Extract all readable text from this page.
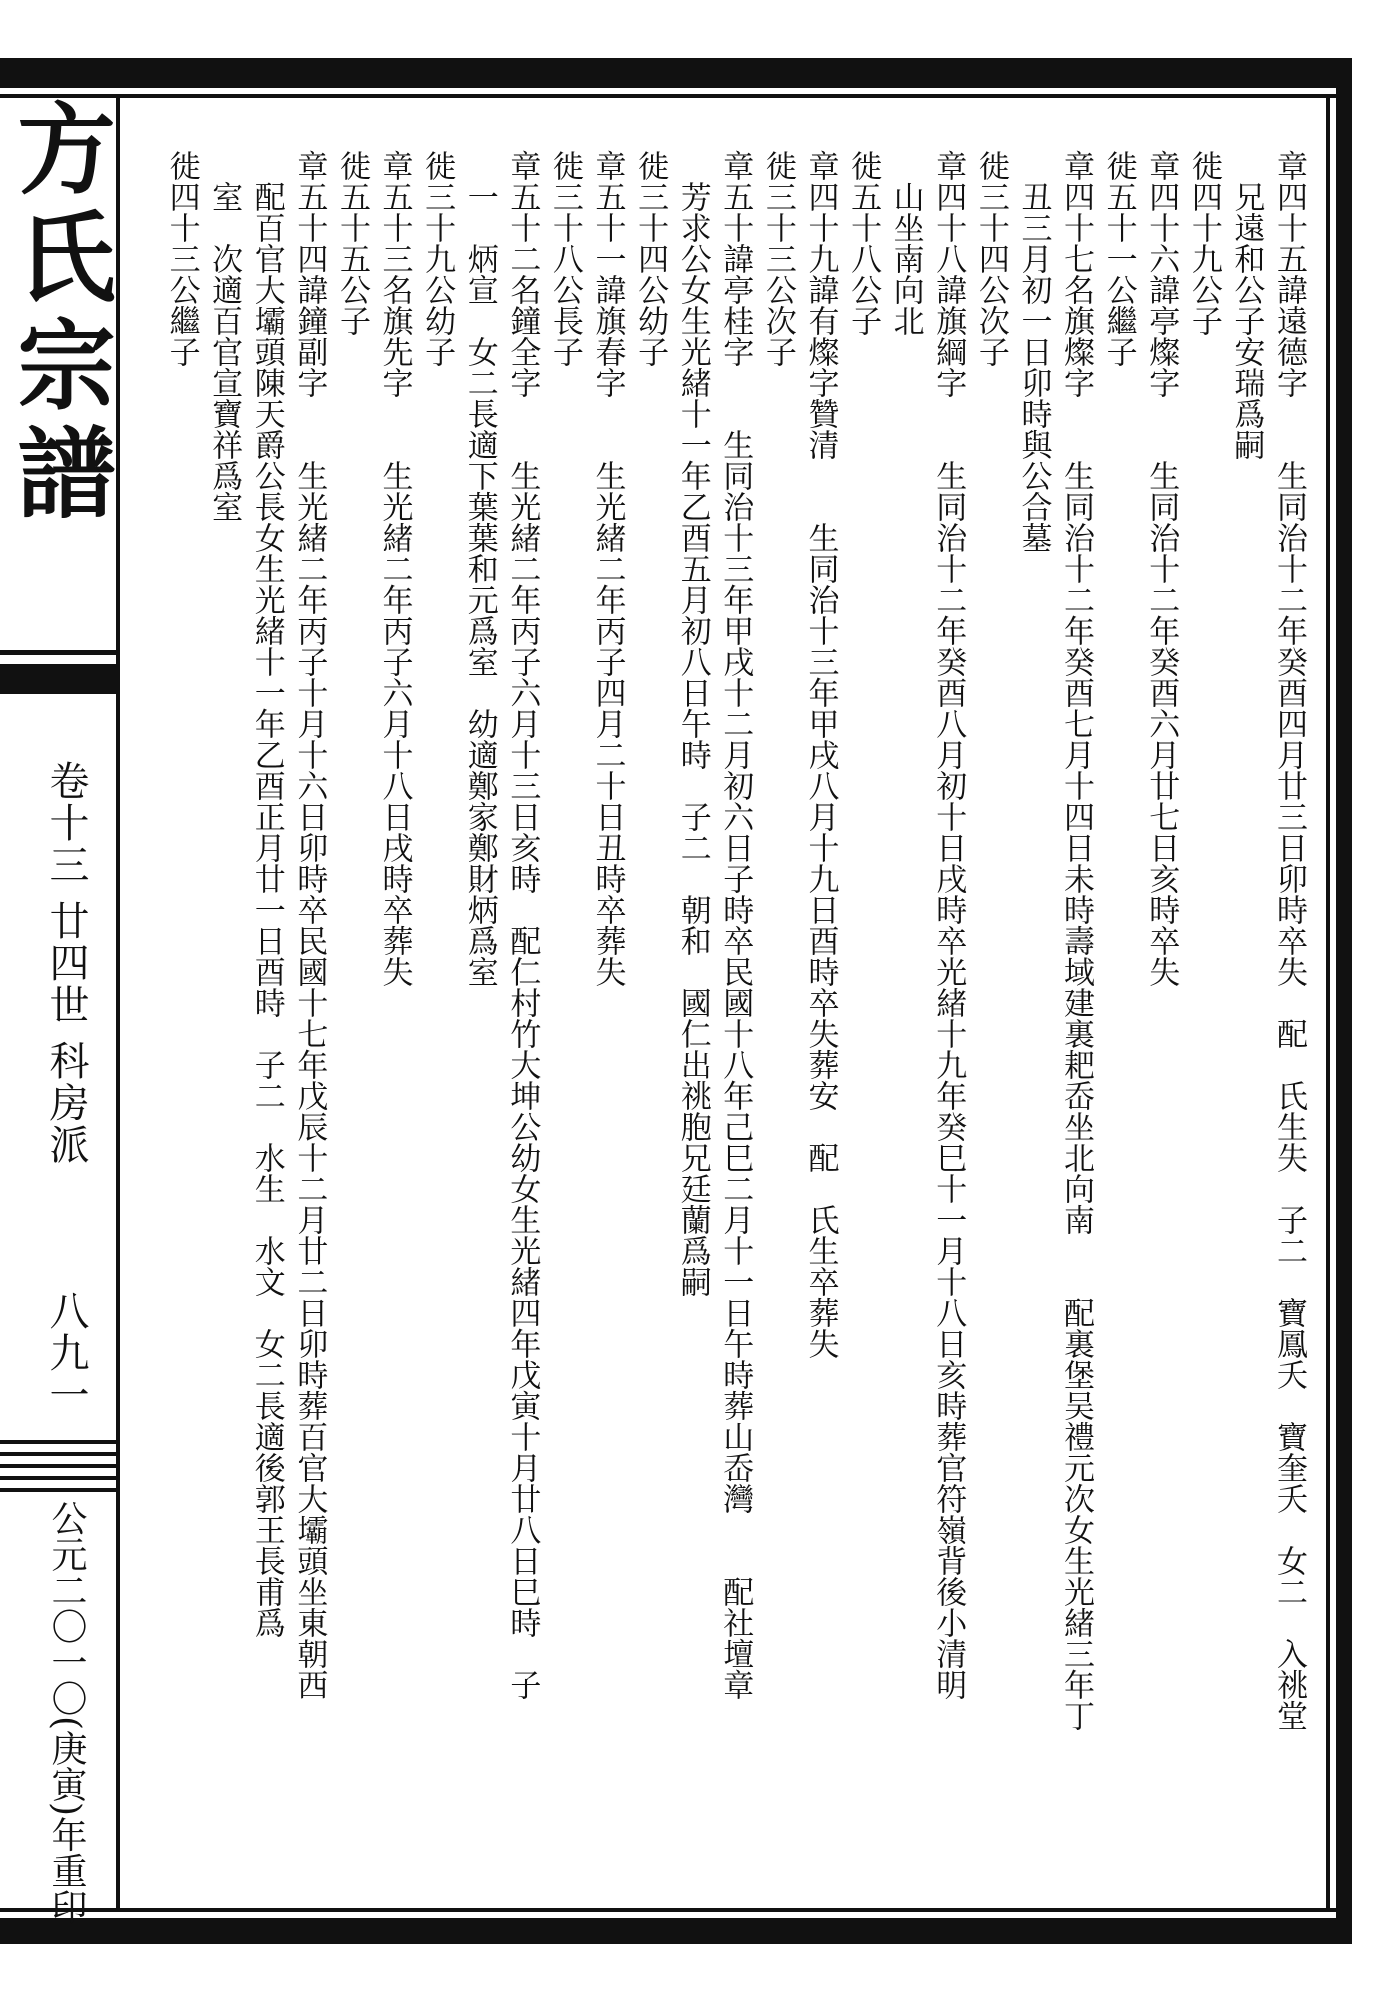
方氏宗譜
卷十三
廿四世
科房派
八九一
公元二〇一〇(庚寅)年重印	章四十五諱遠德字　　生同治十二年癸酉四月廿三日卯時卒失　配　氏生失　子二　寶鳳夭　寶奎夭　女二　入祧堂
　兄遠和公子安瑞爲嗣
徙四十九公子
章四十六諱亭燦字　　生同治十二年癸酉六月廿七日亥時卒失
徙五十一公繼子
章四十七名旗燦字　　生同治十二年癸酉七月十四日未時壽域建裏耙岙坐北向南　　配裏堡吴禮元次女生光緒三年丁
　丑三月初一日卯時與公合墓
徙三十四公次子
章四十八諱旗綱字　　生同治十二年癸酉八月初十日戌時卒光緒十九年癸巳十一月十八日亥時葬官符嶺背後小清明
　山坐南向北
徙五十八公子
章四十九諱有燦字贊清　　生同治十三年甲戌八月十九日酉時卒失葬安　配　氏生卒葬失
徙三十三公次子
章五十諱亭桂字　　生同治十三年甲戌十二月初六日子時卒民國十八年己巳二月十一日午時葬山岙灣　　配社壇章
　芳求公女生光緒十一年乙酉五月初八日午時　子二　朝和　國仁出祧胞兄廷蘭爲嗣
徙三十四公幼子
章五十一諱旗春字　　生光緒二年丙子四月二十日丑時卒葬失
徙三十八公長子
章五十二名鐘全字　　生光緒二年丙子六月十三日亥時　配仁村竹大坤公幼女生光緒四年戊寅十月廿八日巳時　子
　一　炳宣　女二長適下葉葉和元爲室　幼適鄭家鄭財炳爲室
徙三十九公幼子
章五十三名旗先字　　生光緒二年丙子六月十八日戌時卒葬失
徙五十五公子
章五十四諱鐘副字　　生光緒二年丙子十月十六日卯時卒民國十七年戊辰十二月廿二日卯時葬百官大壩頭坐東朝西
　配百官大壩頭陳天爵公長女生光緒十一年乙酉正月廿一日酉時　子二　水生　水文　女二長適後郭王長甫爲
　室　次適百官宣寶祥爲室
徙四十三公繼子
